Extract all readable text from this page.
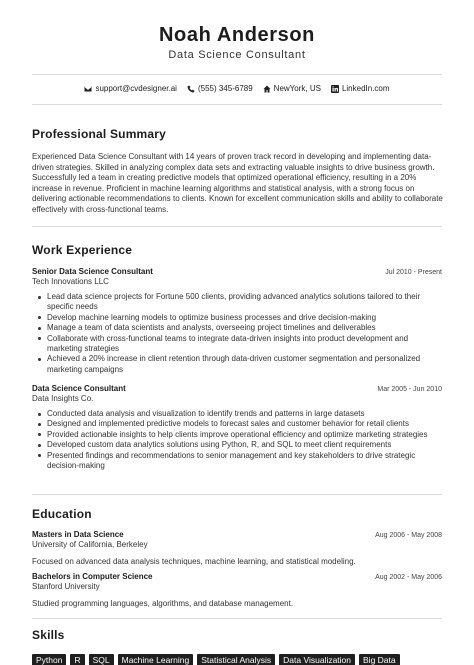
Noah Anderson
Data Science Consultant
support@cvdesigner.ai	(555) 345-6789	NewYork, US	LinkedIn.com
Professional Summary
Experienced Data Science Consultant with 14 years of proven track record in developing and implementing data-driven strategies. Skilled in analyzing complex data sets and extracting valuable insights to drive business growth. Successfully led a team in creating predictive models that optimized operational efficiency, resulting in a 20% increase in revenue. Proficient in machine learning algorithms and statistical analysis, with a strong focus on delivering actionable recommendations to clients. Known for excellent communication skills and ability to collaborate effectively with cross-functional teams.
Work Experience
Senior Data Science Consultant	Jul 2010 - Present
Tech Innovations LLC
Lead data science projects for Fortune 500 clients, providing advanced analytics solutions tailored to their specific needs
Develop machine learning models to optimize business processes and drive decision-making
Manage a team of data scientists and analysts, overseeing project timelines and deliverables
Collaborate with cross-functional teams to integrate data-driven insights into product development and marketing strategies
Achieved a 20% increase in client retention through data-driven customer segmentation and personalized marketing campaigns
Data Science Consultant	Mar 2005 - Jun 2010
Data Insights Co.
Conducted data analysis and visualization to identify trends and patterns in large datasets
Designed and implemented predictive models to forecast sales and customer behavior for retail clients
Provided actionable insights to help clients improve operational efficiency and optimize marketing strategies
Developed custom data analytics solutions using Python, R, and SQL to meet client requirements
Presented findings and recommendations to senior management and key stakeholders to drive strategic decision-making
Education
Masters in Data Science	Aug 2006 - May 2008
University of California, Berkeley
Focused on advanced data analysis techniques, machine learning, and statistical modeling.
Bachelors in Computer Science	Aug 2002 - May 2006
Stanford University
Studied programming languages, algorithms, and database management.
Skills
Python	R	SQL	Machine Learning	Statistical Analysis	Data Visualization	Big Data
